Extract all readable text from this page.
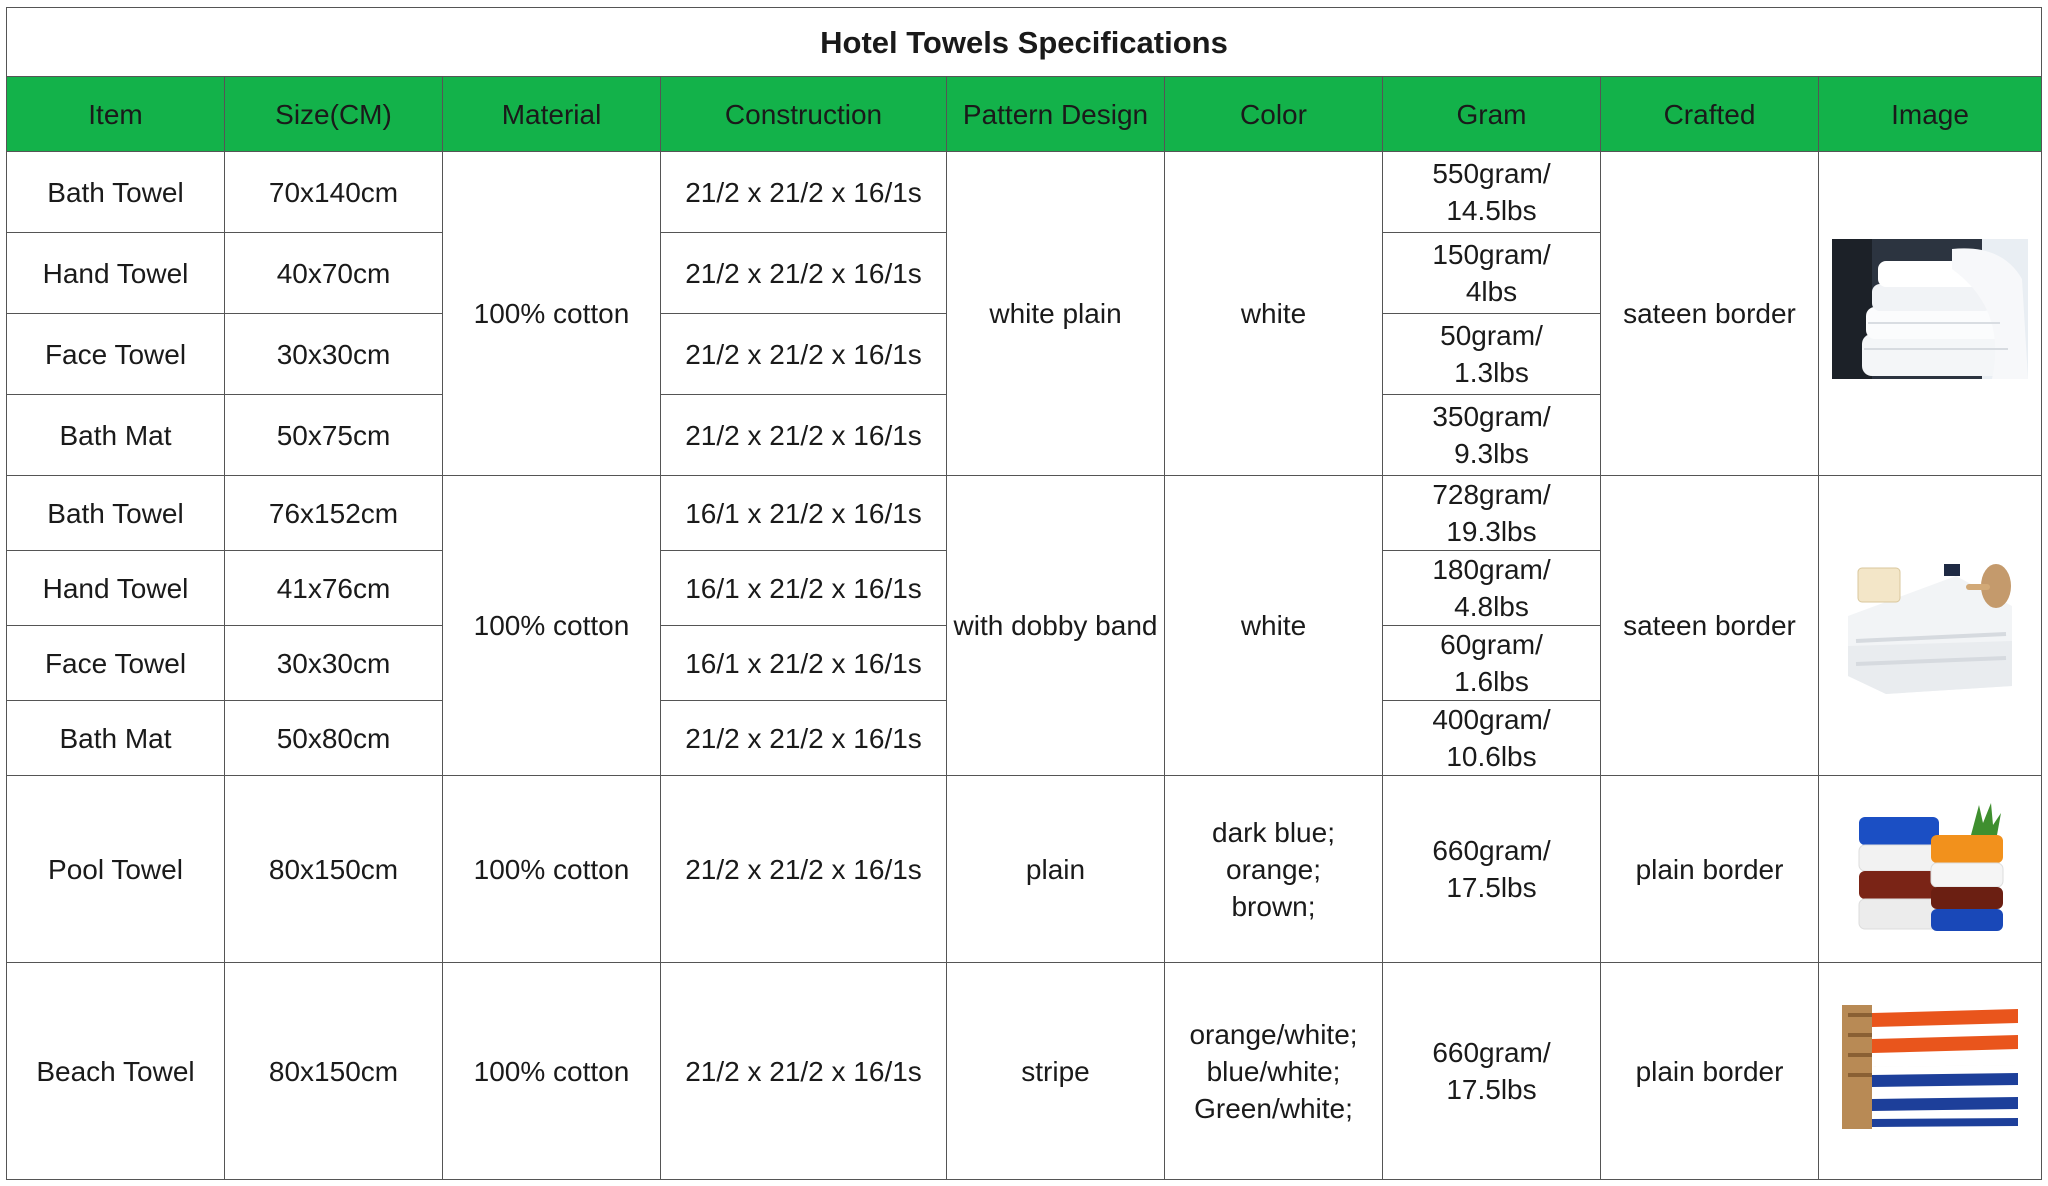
Hotel Towels Specifications								
Item	Size(CM)	Material	Construction	Pattern Design	Color	Gram	Crafted	Image
Bath Towel	70x140cm	100% cotton	21/2 x 21/2 x 16/1s	white plain	white	550gram/
14.5lbs	sateen border	
Hand Towel	40x70cm		21/2 x 21/2 x 16/1s			150gram/
4lbs		

Face Towel	30x30cm		21/2 x 21/2 x 16/1s			50gram/
1.3lbs		

Bath Mat	50x75cm		21/2 x 21/2 x 16/1s			350gram/
9.3lbs		

Bath Towel	76x152cm	100% cotton	16/1 x 21/2 x 16/1s	with dobby band	white	728gram/
19.3lbs	sateen border	
Hand Towel	41x76cm		16/1 x 21/2 x 16/1s			180gram/
4.8lbs		

Face Towel	30x30cm		16/1 x 21/2 x 16/1s			60gram/
1.6lbs		

Bath Mat	50x80cm		21/2 x 21/2 x 16/1s			400gram/
10.6lbs		

Pool Towel	80x150cm	100% cotton	21/2 x 21/2 x 16/1s	plain	dark blue;
orange;
brown;	660gram/
17.5lbs	plain border	
Beach Towel	80x150cm	100% cotton	21/2 x 21/2 x 16/1s	stripe	orange/white;
blue/white;
Green/white;	660gram/
17.5lbs	plain border	
